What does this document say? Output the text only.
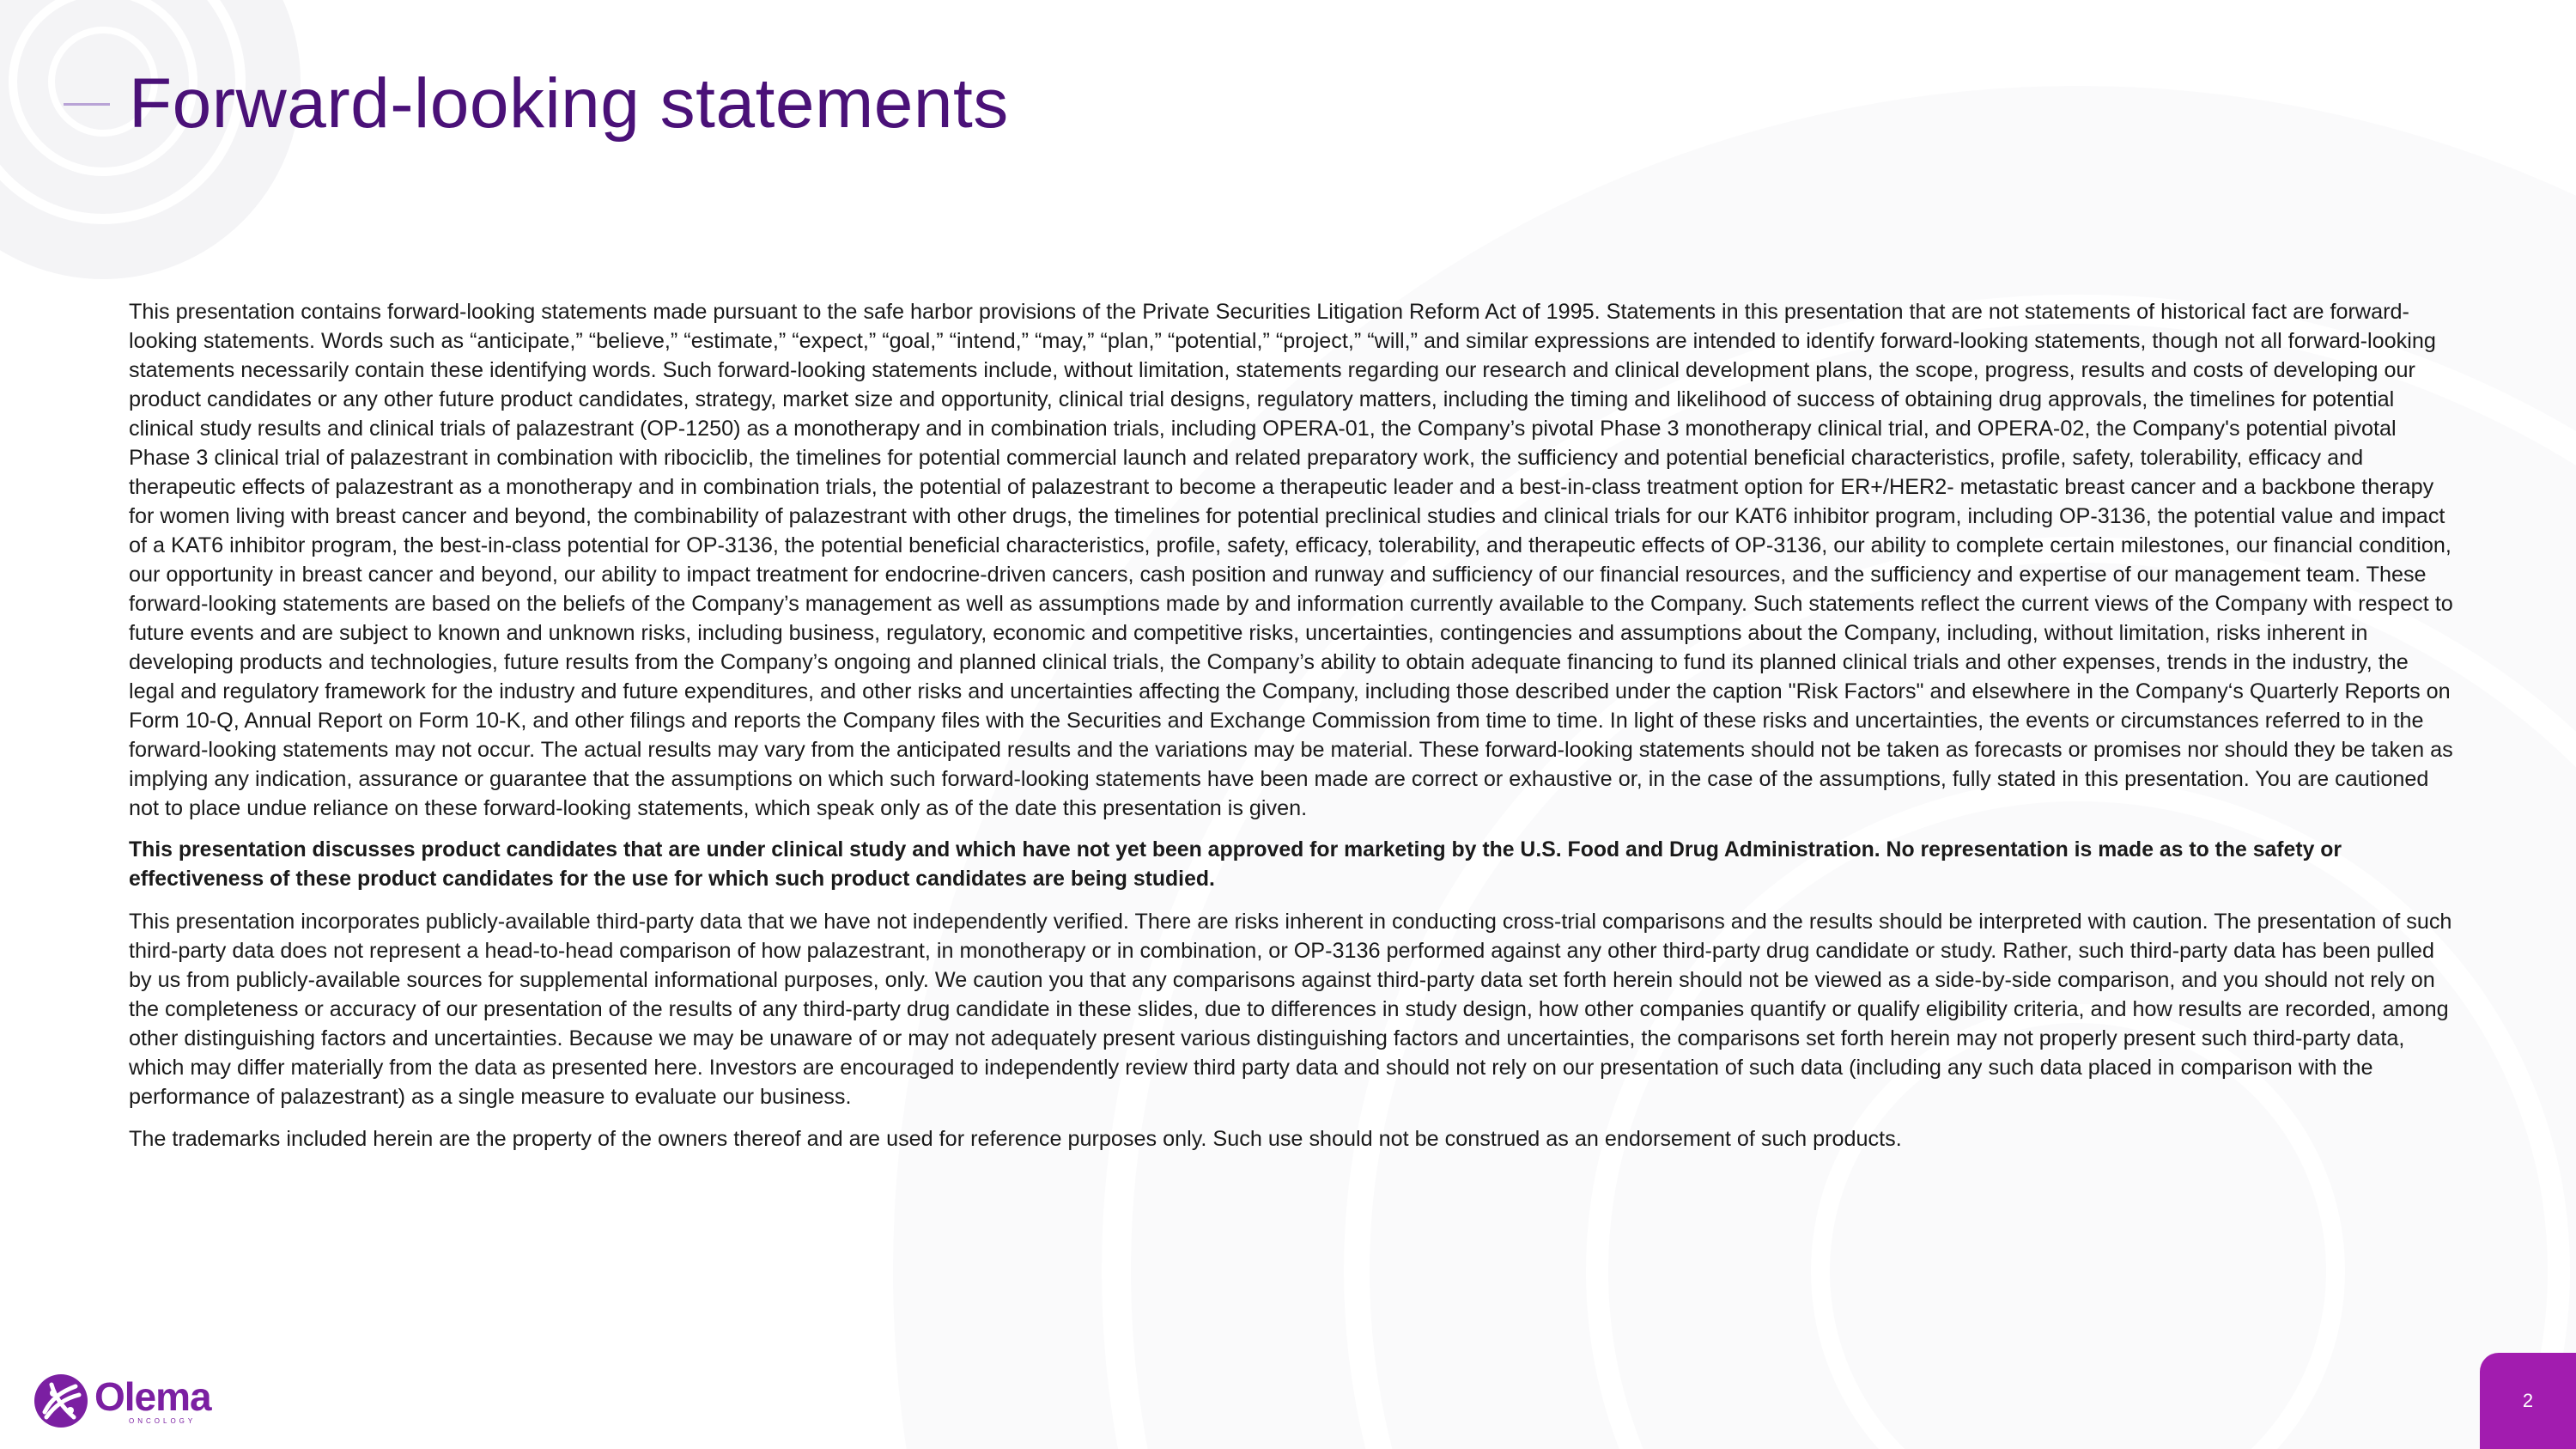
Forward-looking statements

This presentation contains forward-looking statements made pursuant to the safe harbor provisions of the Private Securities Litigation Reform Act of 1995. Statements in this presentation that are not statements of historical fact are forward-looking statements. Words such as “anticipate,” “believe,” “estimate,” “expect,” “goal,” “intend,” “may,” “plan,” “potential,” “project,” “will,” and similar expressions are intended to identify forward-looking statements, though not all forward-looking statements necessarily contain these identifying words. Such forward-looking statements include, without limitation, statements regarding our research and clinical development plans, the scope, progress, results and costs of developing our product candidates or any other future product candidates, strategy, market size and opportunity, clinical trial designs, regulatory matters, including the timing and likelihood of success of obtaining drug approvals, the timelines for potential clinical study results and clinical trials of palazestrant (OP-1250) as a monotherapy and in combination trials, including OPERA-01, the Company’s pivotal Phase 3 monotherapy clinical trial, and OPERA-02, the Company's potential pivotal Phase 3 clinical trial of palazestrant in combination with ribociclib, the timelines for potential commercial launch and related preparatory work, the sufficiency and potential beneficial characteristics, profile, safety, tolerability, efficacy and therapeutic effects of palazestrant as a monotherapy and in combination trials, the potential of palazestrant to become a therapeutic leader and a best-in-class treatment option for ER+/HER2- metastatic breast cancer and a backbone therapy for women living with breast cancer and beyond, the combinability of palazestrant with other drugs, the timelines for potential preclinical studies and clinical trials for our KAT6 inhibitor program, including OP-3136, the potential value and impact of a KAT6 inhibitor program, the best-in-class potential for OP-3136, the potential beneficial characteristics, profile, safety, efficacy, tolerability, and therapeutic effects of OP-3136, our ability to complete certain milestones, our financial condition, our opportunity in breast cancer and beyond, our ability to impact treatment for endocrine-driven cancers, cash position and runway and sufficiency of our financial resources, and the sufficiency and expertise of our management team. These forward-looking statements are based on the beliefs of the Company’s management as well as assumptions made by and information currently available to the Company. Such statements reflect the current views of the Company with respect to future events and are subject to known and unknown risks, including business, regulatory, economic and competitive risks, uncertainties, contingencies and assumptions about the Company, including, without limitation, risks inherent in developing products and technologies, future results from the Company’s ongoing and planned clinical trials, the Company’s ability to obtain adequate financing to fund its planned clinical trials and other expenses, trends in the industry, the legal and regulatory framework for the industry and future expenditures, and other risks and uncertainties affecting the Company, including those described under the caption "Risk Factors" and elsewhere in the Company‘s Quarterly Reports on Form 10-Q, Annual Report on Form 10-K, and other filings and reports the Company files with the Securities and Exchange Commission from time to time. In light of these risks and uncertainties, the events or circumstances referred to in the forward-looking statements may not occur. The actual results may vary from the anticipated results and the variations may be material. These forward-looking statements should not be taken as forecasts or promises nor should they be taken as implying any indication, assurance or guarantee that the assumptions on which such forward-looking statements have been made are correct or exhaustive or, in the case of the assumptions, fully stated in this presentation. You are cautioned not to place undue reliance on these forward-looking statements, which speak only as of the date this presentation is given.

This presentation discusses product candidates that are under clinical study and which have not yet been approved for marketing by the U.S. Food and Drug Administration. No representation is made as to the safety or effectiveness of these product candidates for the use for which such product candidates are being studied.

This presentation incorporates publicly-available third-party data that we have not independently verified. There are risks inherent in conducting cross-trial comparisons and the results should be interpreted with caution. The presentation of such third-party data does not represent a head-to-head comparison of how palazestrant, in monotherapy or in combination, or OP-3136 performed against any other third-party drug candidate or study. Rather, such third-party data has been pulled by us from publicly-available sources for supplemental informational purposes, only. We caution you that any comparisons against third-party data set forth herein should not be viewed as a side-by-side comparison, and you should not rely on the completeness or accuracy of our presentation of the results of any third-party drug candidate in these slides, due to differences in study design, how other companies quantify or qualify eligibility criteria, and how results are recorded, among other distinguishing factors and uncertainties. Because we may be unaware of or may not adequately present various distinguishing factors and uncertainties, the comparisons set forth herein may not properly present such third-party data, which may differ materially from the data as presented here. Investors are encouraged to independently review third party data and should not rely on our presentation of such data (including any such data placed in comparison with the performance of palazestrant) as a single measure to evaluate our business.

The trademarks included herein are the property of the owners thereof and are used for reference purposes only. Such use should not be construed as an endorsement of such products.

Olema
ONCOLOGY
2
